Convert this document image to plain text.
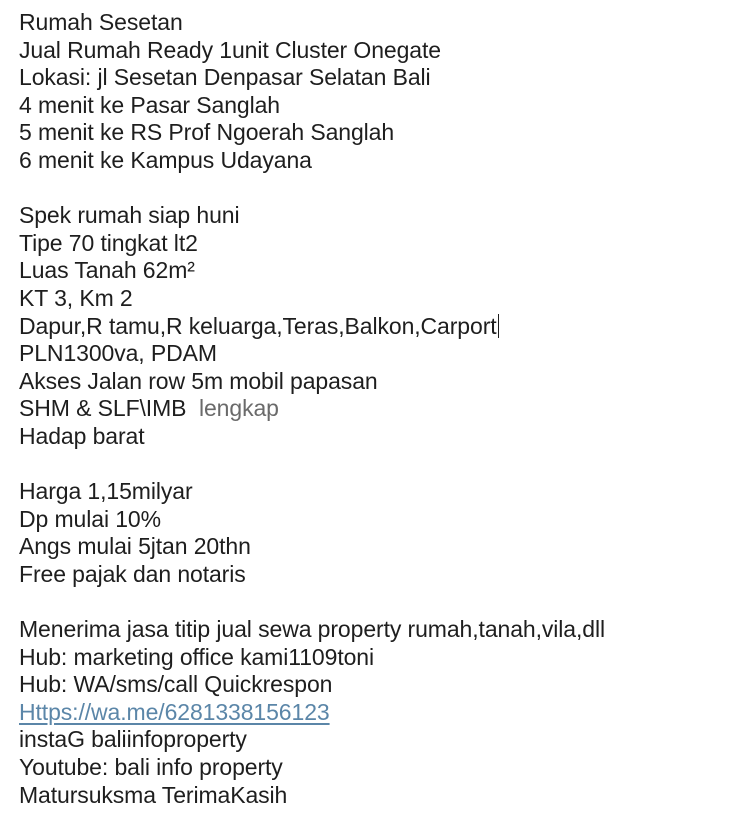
Rumah Sesetan
Jual Rumah Ready 1unit Cluster Onegate
Lokasi: jl Sesetan Denpasar Selatan Bali
4 menit ke Pasar Sanglah
5 menit ke RS Prof Ngoerah Sanglah
6 menit ke Kampus Udayana
Spek rumah siap huni
Tipe 70 tingkat lt2
Luas Tanah 62m²
KT 3, Km 2
Dapur,R tamu,R keluarga,Teras,Balkon,Carport
PLN1300va, PDAM
Akses Jalan row 5m mobil papasan
SHM & SLF\IMB  lengkap
Hadap barat
Harga 1,15milyar
Dp mulai 10%
Angs mulai 5jtan 20thn
Free pajak dan notaris
Menerima jasa titip jual sewa property rumah,tanah,vila,dll
Hub: marketing office kami1109toni
Hub: WA/sms/call Quickrespon
Https://wa.me/6281338156123
instaG baliinfoproperty
Youtube: bali info property
Matursuksma TerimaKasih
